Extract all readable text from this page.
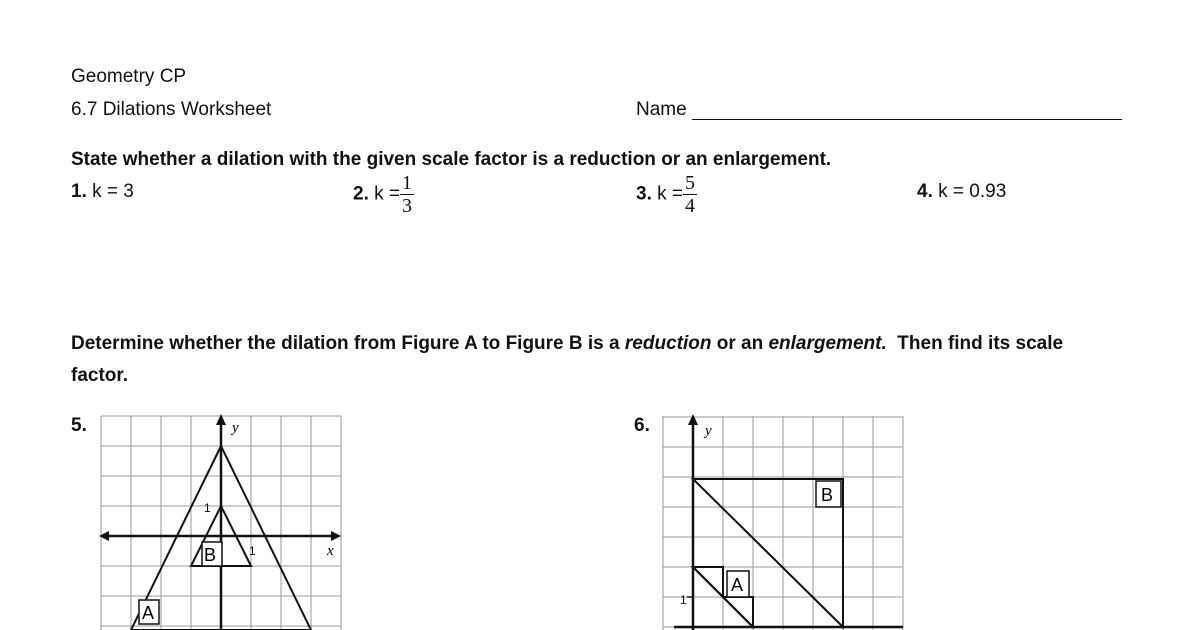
Geometry CP
6.7 Dilations Worksheet	Name
State whether a dilation with the given scale factor is a reduction or an enlargement.
1. k = 3	2. $k = \frac{1}{3}$	3. $k = \frac{5}{4}$	4. k = 0.93
Determine whether the dilation from Figure A to Figure B is a reduction or an enlargement.  Then find its scale
factor.
5.	y
x
1
1
A
B
6.	y
1
A
B
